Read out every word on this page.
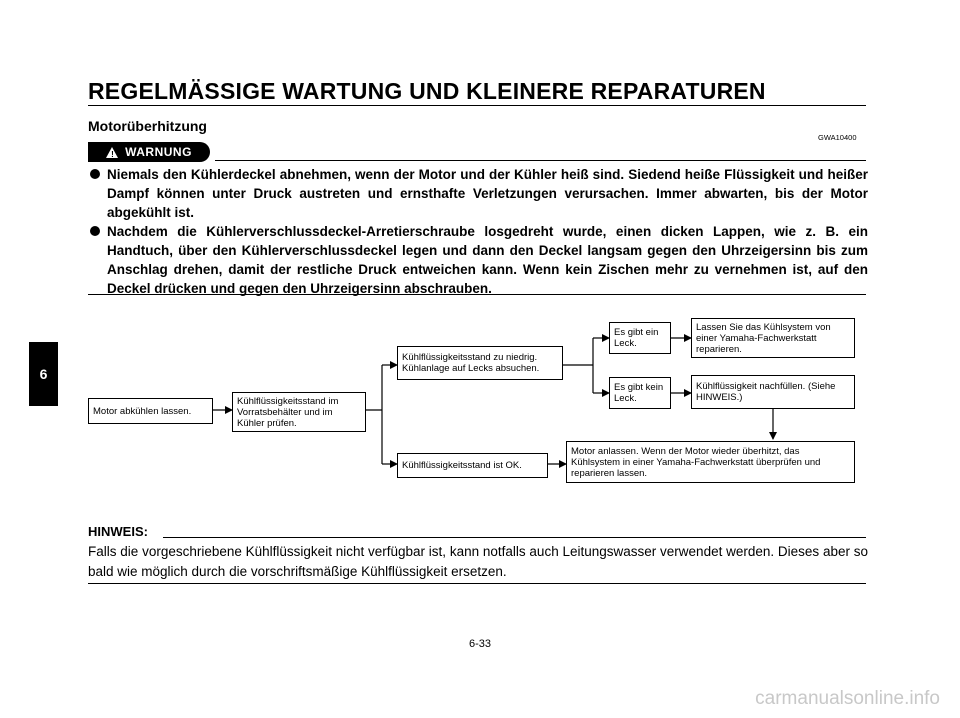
REGELMÄSSIGE WARTUNG UND KLEINERE REPARATUREN
Motorüberhitzung
GWA10400
! WARNUNG
Niemals den Kühlerdeckel abnehmen, wenn der Motor und der Kühler heiß sind. Siedend heiße Flüssigkeit und heißer Dampf können unter Druck austreten und ernsthafte Verletzungen verursachen. Immer abwarten, bis der Motor abgekühlt ist.
Nachdem die Kühlerverschlussdeckel-Arretierschraube losgedreht wurde, einen dicken Lappen, wie z. B. ein Handtuch, über den Kühlerverschlussdeckel legen und dann den Deckel langsam gegen den Uhrzeigersinn bis zum Anschlag drehen, damit der restliche Druck entweichen kann. Wenn kein Zischen mehr zu vernehmen ist, auf den Deckel drücken und gegen den Uhrzeigersinn abschrauben.
Motor abkühlen lassen.
Kühlflüssigkeitsstand im Vorratsbehälter und im Kühler prüfen.
Kühlflüssigkeitsstand zu niedrig. Kühlanlage auf Lecks absuchen.
Kühlflüssigkeitsstand ist OK.
Es gibt ein Leck.
Es gibt kein Leck.
Lassen Sie das Kühlsystem von einer Yamaha-Fachwerkstatt reparieren.
Kühlflüssigkeit nachfüllen. (Siehe HINWEIS.)
Motor anlassen. Wenn der Motor wieder überhitzt, das Kühlsystem in einer Yamaha-Fachwerkstatt überprüfen und reparieren lassen.
HINWEIS:
Falls die vorgeschriebene Kühlflüssigkeit nicht verfügbar ist, kann notfalls auch Leitungswasser verwendet werden. Dieses aber so bald wie möglich durch die vorschriftsmäßige Kühlflüssigkeit ersetzen.
6
6-33
carmanualsonline.info
